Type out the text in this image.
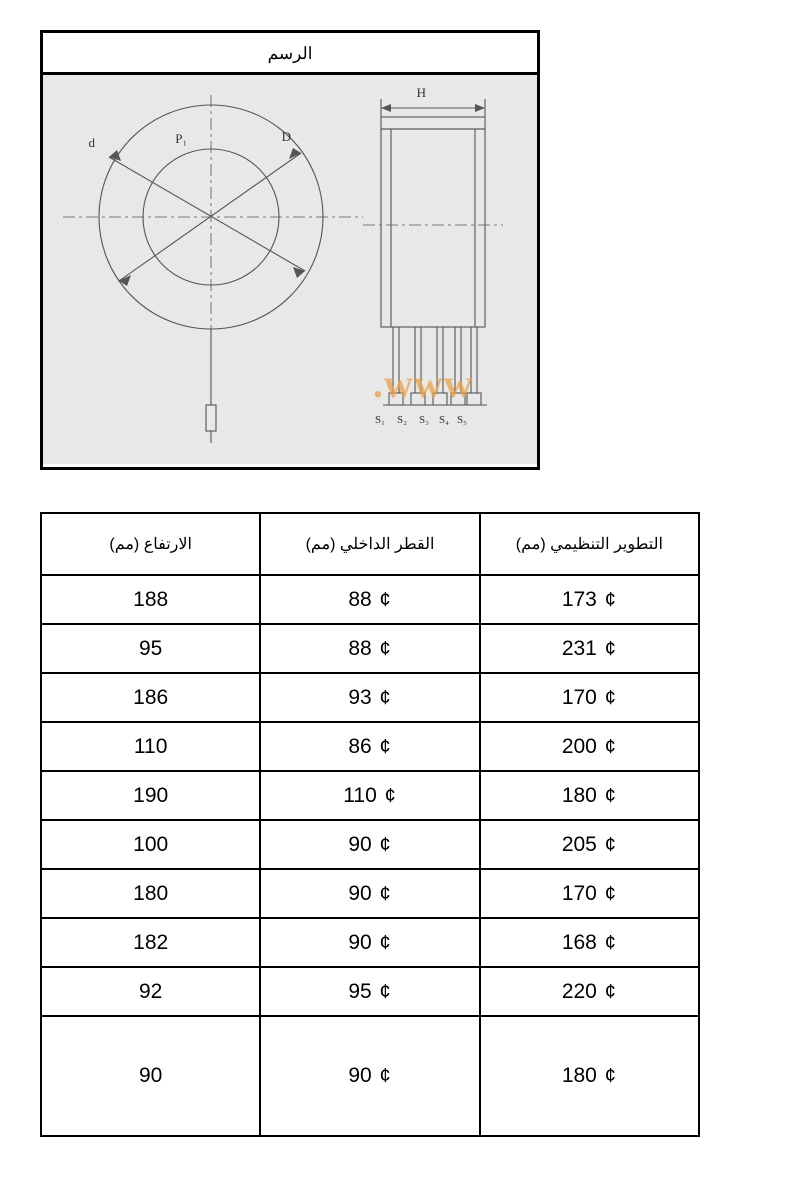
الرسم
P₁
d	D
H
S₁ S₂ S₃ S₄ S₅
www.
التطوير التنظيمي (مم)	القطر الداخلي (مم)	الارتفاع (مم)
¢ 173	¢ 88	188
¢ 231	¢ 88	95
¢ 170	¢ 93	186
¢ 200	¢ 86	110
¢ 180	¢ 110	190
¢ 205	¢ 90	100
¢ 170	¢ 90	180
¢ 168	¢ 90	182
¢ 220	¢ 95	92
¢ 180	¢ 90	90
